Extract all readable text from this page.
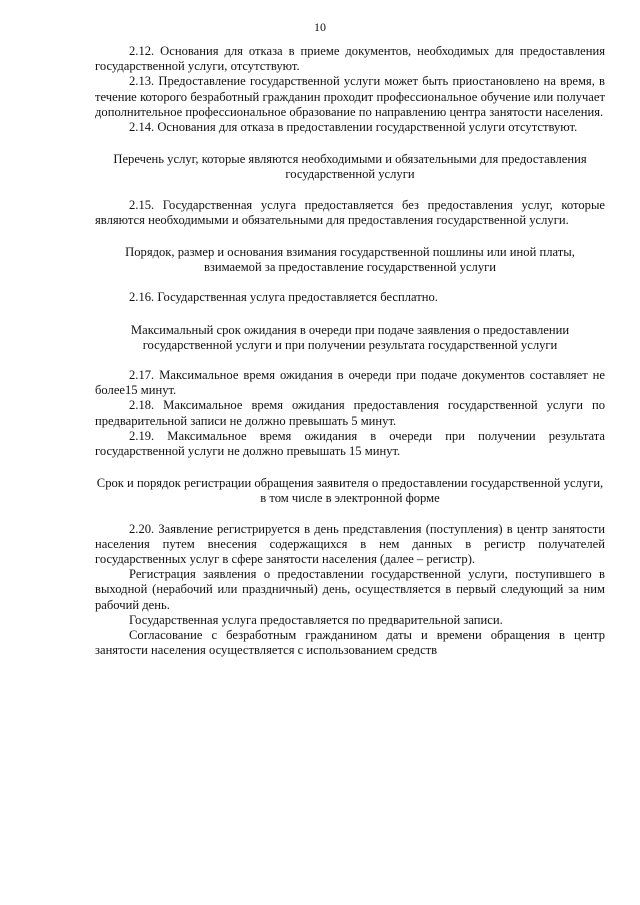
10

2.12. Основания для отказа в приеме документов, необходимых для предоставления государственной услуги, отсутствуют.

2.13. Предоставление государственной услуги может быть приостановлено на время, в течение которого безработный гражданин проходит профессиональное обучение или получает дополнительное профессиональное образование по направлению центра занятости населения.

2.14. Основания для отказа в предоставлении государственной услуги отсутствуют.

Перечень услуг, которые являются необходимыми и обязательными для предоставления государственной услуги

2.15. Государственная услуга предоставляется без предоставления услуг, которые являются необходимыми и обязательными для предоставления государственной услуги.

Порядок, размер и основания взимания государственной пошлины или иной платы, взимаемой за предоставление государственной услуги

2.16. Государственная услуга предоставляется бесплатно.

Максимальный срок ожидания в очереди при подаче заявления о предоставлении государственной услуги и при получении результата государственной услуги

2.17. Максимальное время ожидания в очереди при подаче документов составляет не более15 минут.

2.18. Максимальное время ожидания предоставления государственной услуги по предварительной записи не должно превышать 5 минут.

2.19. Максимальное время ожидания в очереди при получении результата государственной услуги не должно превышать 15 минут.

Срок и порядок регистрации обращения заявителя о предоставлении государственной услуги, в том числе в электронной форме

2.20. Заявление регистрируется в день представления (поступления) в центр занятости населения путем внесения содержащихся в нем данных в регистр получателей государственных услуг в сфере занятости населения (далее – регистр).

Регистрация заявления о предоставлении государственной услуги, поступившего в выходной (нерабочий или праздничный) день, осуществляется в первый следующий за ним рабочий день.

Государственная услуга предоставляется по предварительной записи.

Согласование с безработным гражданином даты и времени обращения в центр занятости населения осуществляется с использованием средств
